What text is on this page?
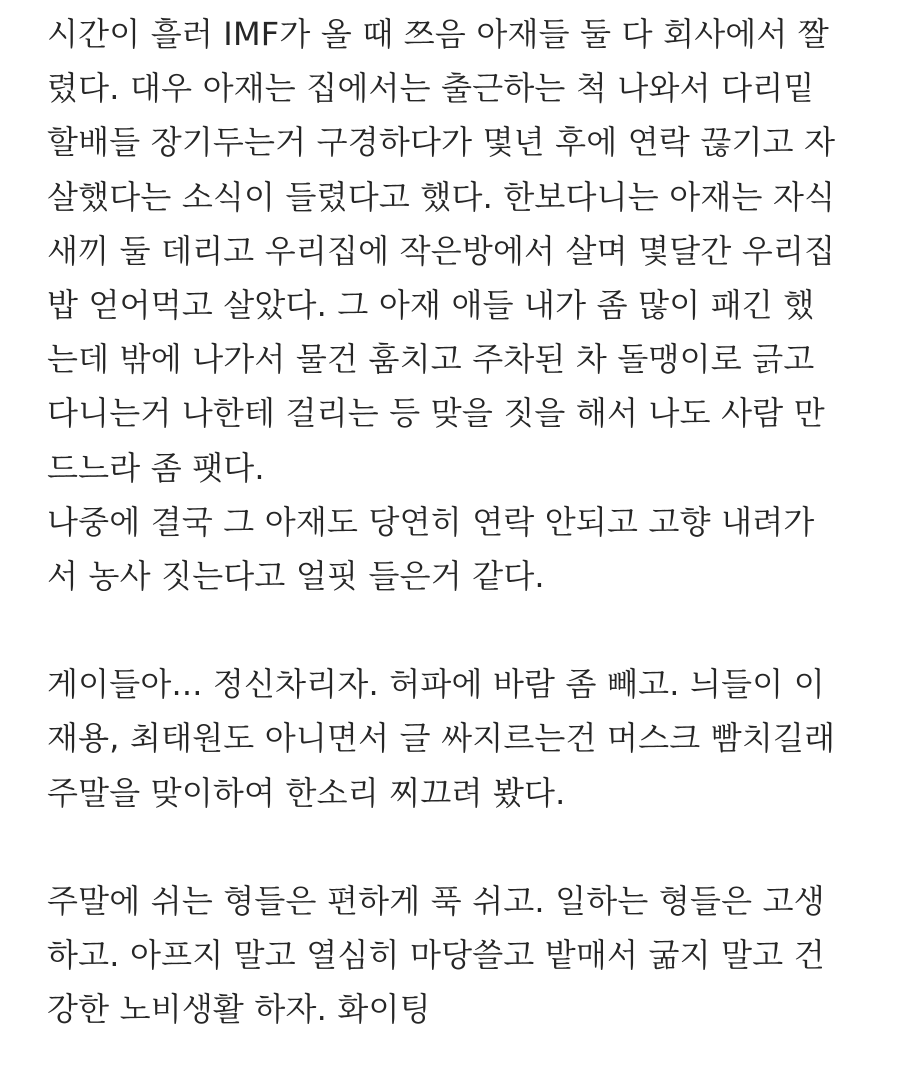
시간이 흘러 IMF가 올 때 쯔음 아재들 둘 다 회사에서 짤
렸다. 대우 아재는 집에서는 출근하는 척 나와서 다리밑
할배들 장기두는거 구경하다가 몇년 후에 연락 끊기고 자
살했다는 소식이 들렸다고 했다. 한보다니는 아재는 자식
새끼 둘 데리고 우리집에 작은방에서 살며 몇달간 우리집
밥 얻어먹고 살았다. 그 아재 애들 내가 좀 많이 패긴 했
는데 밖에 나가서 물건 훔치고 주차된 차 돌맹이로 긁고
다니는거 나한테 걸리는 등 맞을 짓을 해서 나도 사람 만
드느라 좀 팻다.
나중에 결국 그 아재도 당연히 연락 안되고 고향 내려가
서 농사 짓는다고 얼핏 들은거 같다.
게이들아... 정신차리자. 허파에 바람 좀 빼고. 늬들이 이
재용, 최태원도 아니면서 글 싸지르는건 머스크 빰치길래
주말을 맞이하여 한소리 찌끄려 봤다.
주말에 쉬는 형들은 편하게 푹 쉬고. 일하는 형들은 고생
하고. 아프지 말고 열심히 마당쓸고 밭매서 굶지 말고 건
강한 노비생활 하자. 화이팅
